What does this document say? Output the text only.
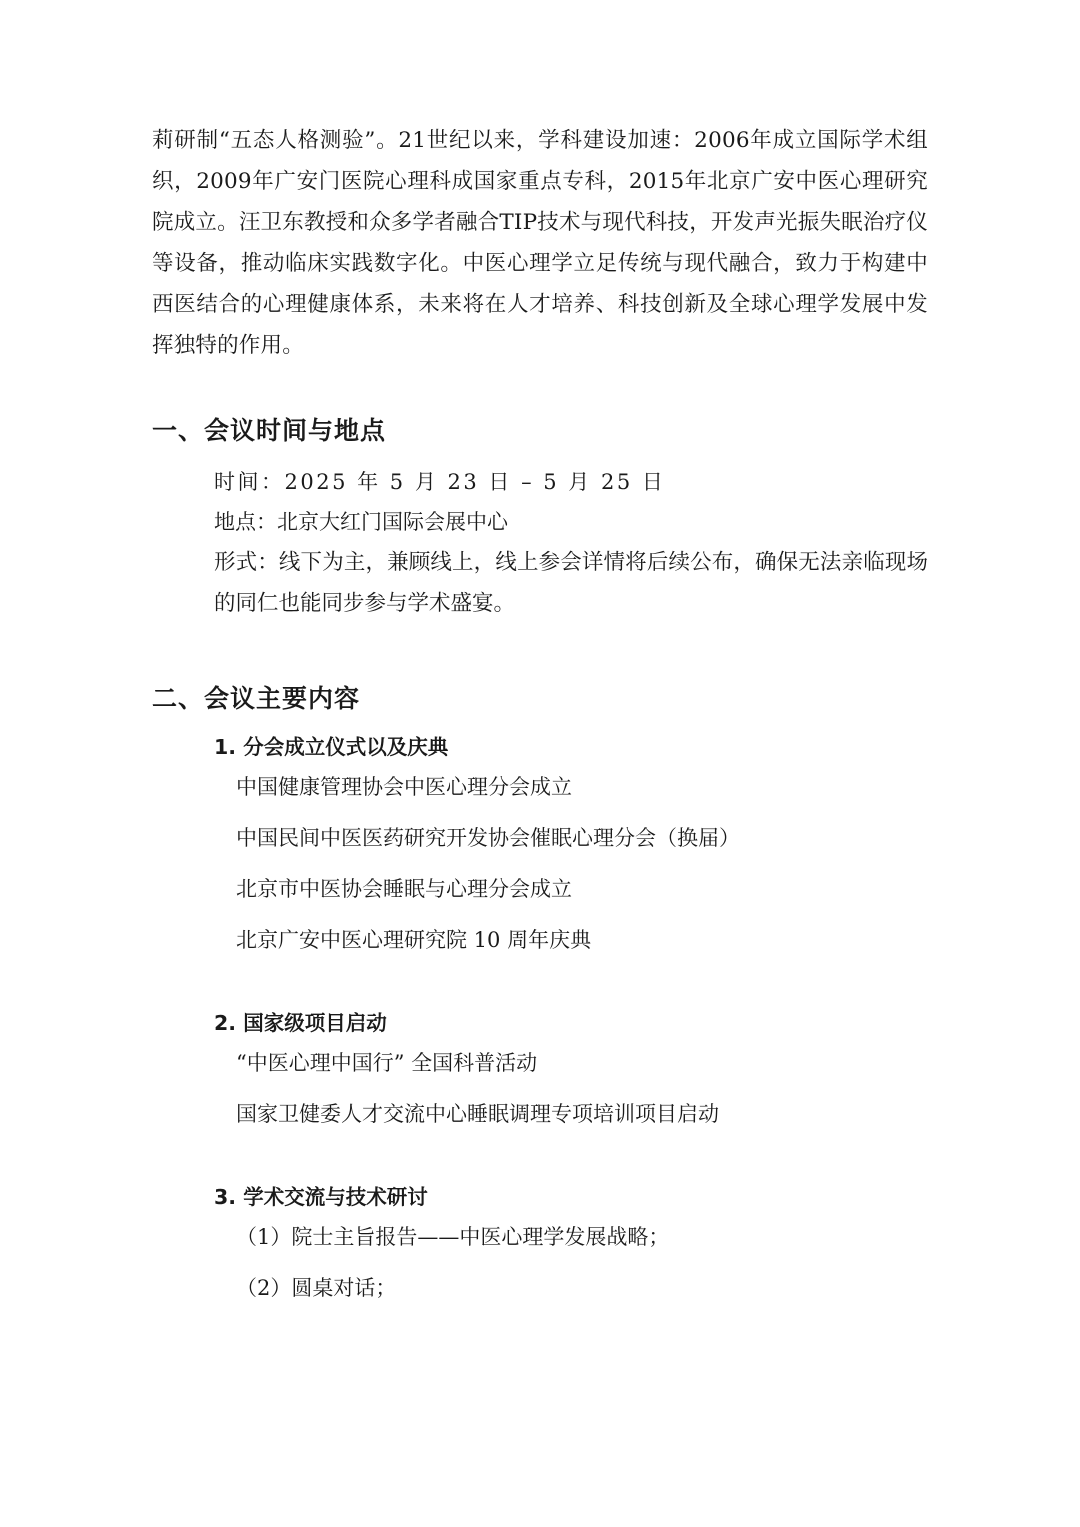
莉研制“五态人格测验”。21世纪以来，学科建设加速：2006年成立国际学术组织，2009年广安门医院心理科成国家重点专科，2015年北京广安中医心理研究院成立。汪卫东教授和众多学者融合TIP技术与现代科技，开发声光振失眠治疗仪等设备，推动临床实践数字化。中医心理学立足传统与现代融合，致力于构建中西医结合的心理健康体系，未来将在人才培养、科技创新及全球心理学发展中发挥独特的作用。

一、会议时间与地点

时间：2025 年 5 月 23 日 – 5 月 25 日

地点：北京大红门国际会展中心

形式：线下为主，兼顾线上，线上参会详情将后续公布，确保无法亲临现场的同仁也能同步参与学术盛宴。

二、会议主要内容

1. 分会成立仪式以及庆典

中国健康管理协会中医心理分会成立

中国民间中医医药研究开发协会催眠心理分会（换届）

北京市中医协会睡眠与心理分会成立

北京广安中医心理研究院 10 周年庆典

2. 国家级项目启动

“中医心理中国行” 全国科普活动

国家卫健委人才交流中心睡眠调理专项培训项目启动

3. 学术交流与技术研讨

（1）院士主旨报告——中医心理学发展战略；

（2）圆桌对话；
